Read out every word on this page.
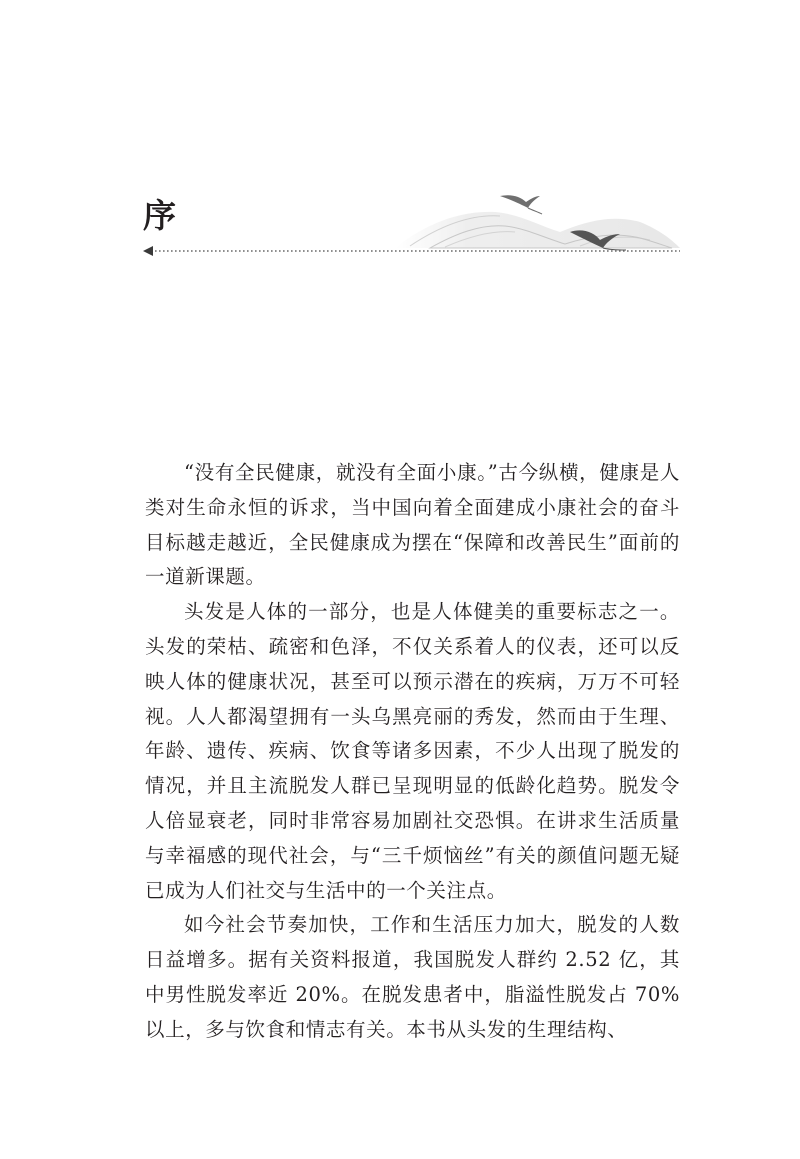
序

“没有全民健康，就没有全面小康。”古今纵横，健康是人类对生命永恒的诉求，当中国向着全面建成小康社会的奋斗目标越走越近，全民健康成为摆在“保障和改善民生”面前的一道新课题。

头发是人体的一部分，也是人体健美的重要标志之一。头发的荣枯、疏密和色泽，不仅关系着人的仪表，还可以反映人体的健康状况，甚至可以预示潜在的疾病，万万不可轻视。人人都渴望拥有一头乌黑亮丽的秀发，然而由于生理、年龄、遗传、疾病、饮食等诸多因素，不少人出现了脱发的情况，并且主流脱发人群已呈现明显的低龄化趋势。脱发令人倍显衰老，同时非常容易加剧社交恐惧。在讲求生活质量与幸福感的现代社会，与“三千烦恼丝”有关的颜值问题无疑已成为人们社交与生活中的一个关注点。

如今社会节奏加快，工作和生活压力加大，脱发的人数日益增多。据有关资料报道，我国脱发人群约 2.52 亿，其中男性脱发率近 20%。在脱发患者中，脂溢性脱发占 70% 以上，多与饮食和情志有关。本书从头发的生理结构、
